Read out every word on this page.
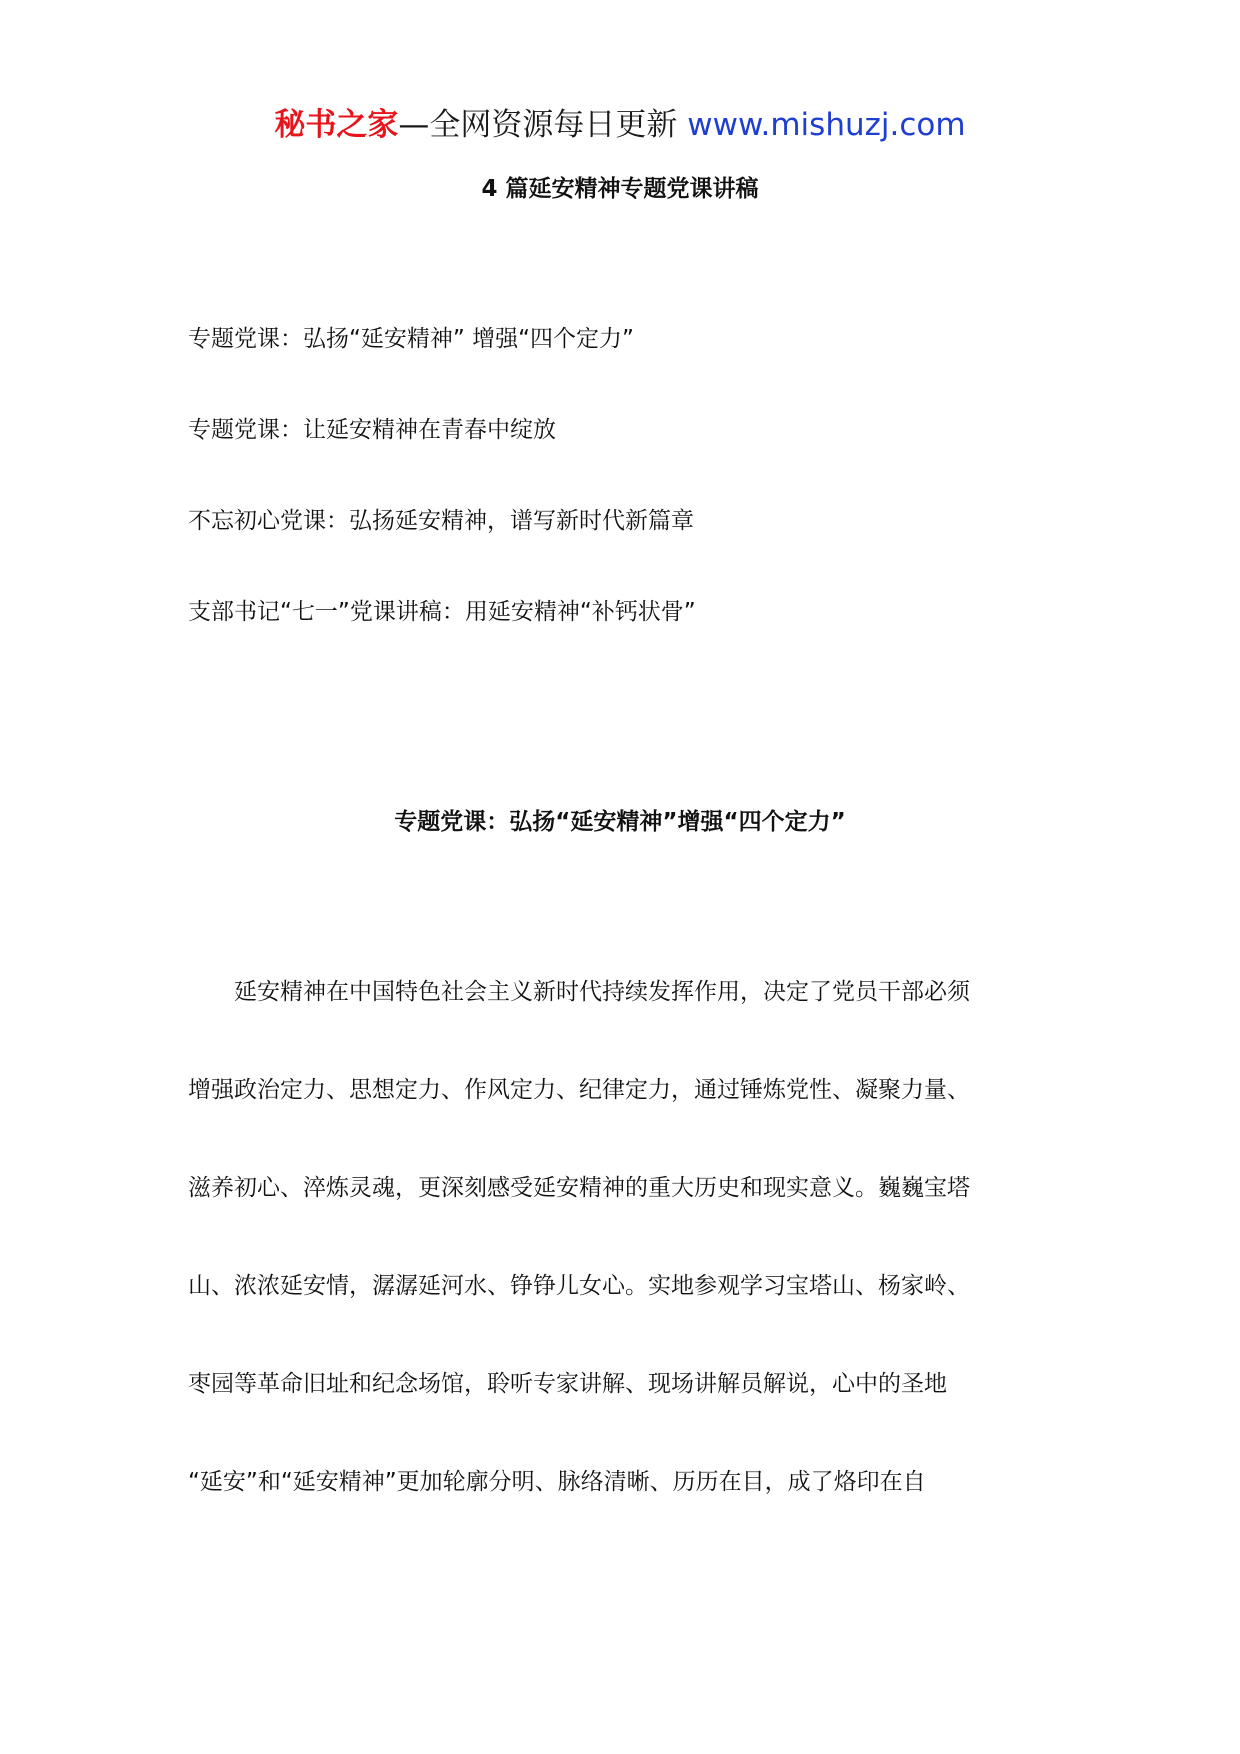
秘书之家—全网资源每日更新 www.mishuzj.com
4 篇延安精神专题党课讲稿
专题党课：弘扬“延安精神” 增强“四个定力”
专题党课：让延安精神在青春中绽放
不忘初心党课：弘扬延安精神，谱写新时代新篇章
支部书记“七一”党课讲稿：用延安精神“补钙状骨”
专题党课：弘扬“延安精神”增强“四个定力”
延安精神在中国特色社会主义新时代持续发挥作用，决定了党员干部必须
增强政治定力、思想定力、作风定力、纪律定力，通过锤炼党性、凝聚力量、
滋养初心、淬炼灵魂，更深刻感受延安精神的重大历史和现实意义。巍巍宝塔
山、浓浓延安情，潺潺延河水、铮铮儿女心。实地参观学习宝塔山、杨家岭、
枣园等革命旧址和纪念场馆，聆听专家讲解、现场讲解员解说，心中的圣地
“延安”和“延安精神”更加轮廓分明、脉络清晰、历历在目，成了烙印在自
